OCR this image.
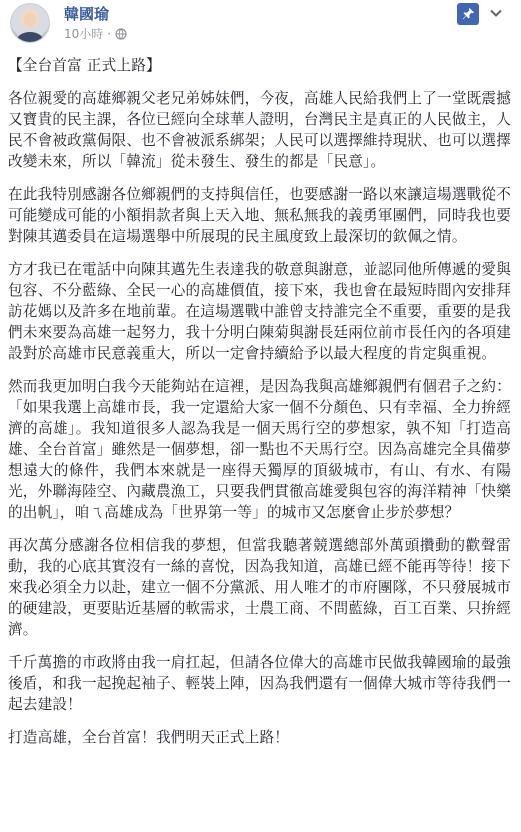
韓國瑜
10小時 ·

【全台首富 正式上路】

各位親愛的高雄鄉親父老兄弟姊妹們，今夜，高雄人民給我們上了一堂既震撼又寶貴的民主課，各位已經向全球華人證明，台灣民主是真正的人民做主，人民不會被政黨侷限、也不會被派系綁架；人民可以選擇維持現狀、也可以選擇改變未來，所以「韓流」從未發生、發生的都是「民意」。

在此我特別感謝各位鄉親們的支持與信任，也要感謝一路以來讓這場選戰從不可能變成可能的小額捐款者與上天入地、無私無我的義勇軍團們，同時我也要對陳其邁委員在這場選舉中所展現的民主風度致上最深切的欽佩之情。

方才我已在電話中向陳其邁先生表達我的敬意與謝意，並認同他所傳遞的愛與包容、不分藍綠、全民一心的高雄價值，接下來，我也會在最短時間內安排拜訪花媽以及許多在地前輩。在這場選戰中誰曾支持誰完全不重要，重要的是我們未來要為高雄一起努力，我十分明白陳菊與謝長廷兩位前市長任內的各項建設對於高雄市民意義重大，所以一定會持續給予以最大程度的肯定與重視。

然而我更加明白我今天能夠站在這裡，是因為我與高雄鄉親們有個君子之約：「如果我選上高雄市長，我一定還給大家一個不分顏色、只有幸福、全力拚經濟的高雄」。我知道很多人認為我是一個天馬行空的夢想家，孰不知「打造高雄、全台首富」雖然是一個夢想，卻一點也不天馬行空。因為高雄完全具備夢想遠大的條件，我們本來就是一座得天獨厚的頂級城市，有山、有水、有陽光，外聯海陸空、內藏農漁工，只要我們貫徹高雄愛與包容的海洋精神「快樂的出帆」，咱ㄟ高雄成為「世界第一等」的城市又怎麼會止步於夢想？

再次萬分感謝各位相信我的夢想，但當我聽著競選總部外萬頭攢動的歡聲雷動，我的心底其實沒有一絲的喜悅，因為我知道，高雄已經不能再等待！接下來我必須全力以赴，建立一個不分黨派、用人唯才的市府團隊，不只發展城市的硬建設，更要貼近基層的軟需求，士農工商、不問藍綠，百工百業、只拚經濟。

千斤萬擔的市政將由我一肩扛起，但請各位偉大的高雄市民做我韓國瑜的最強後盾，和我一起挽起袖子、輕裝上陣，因為我們還有一個偉大城市等待我們一起去建設！

打造高雄，全台首富！我們明天正式上路！
